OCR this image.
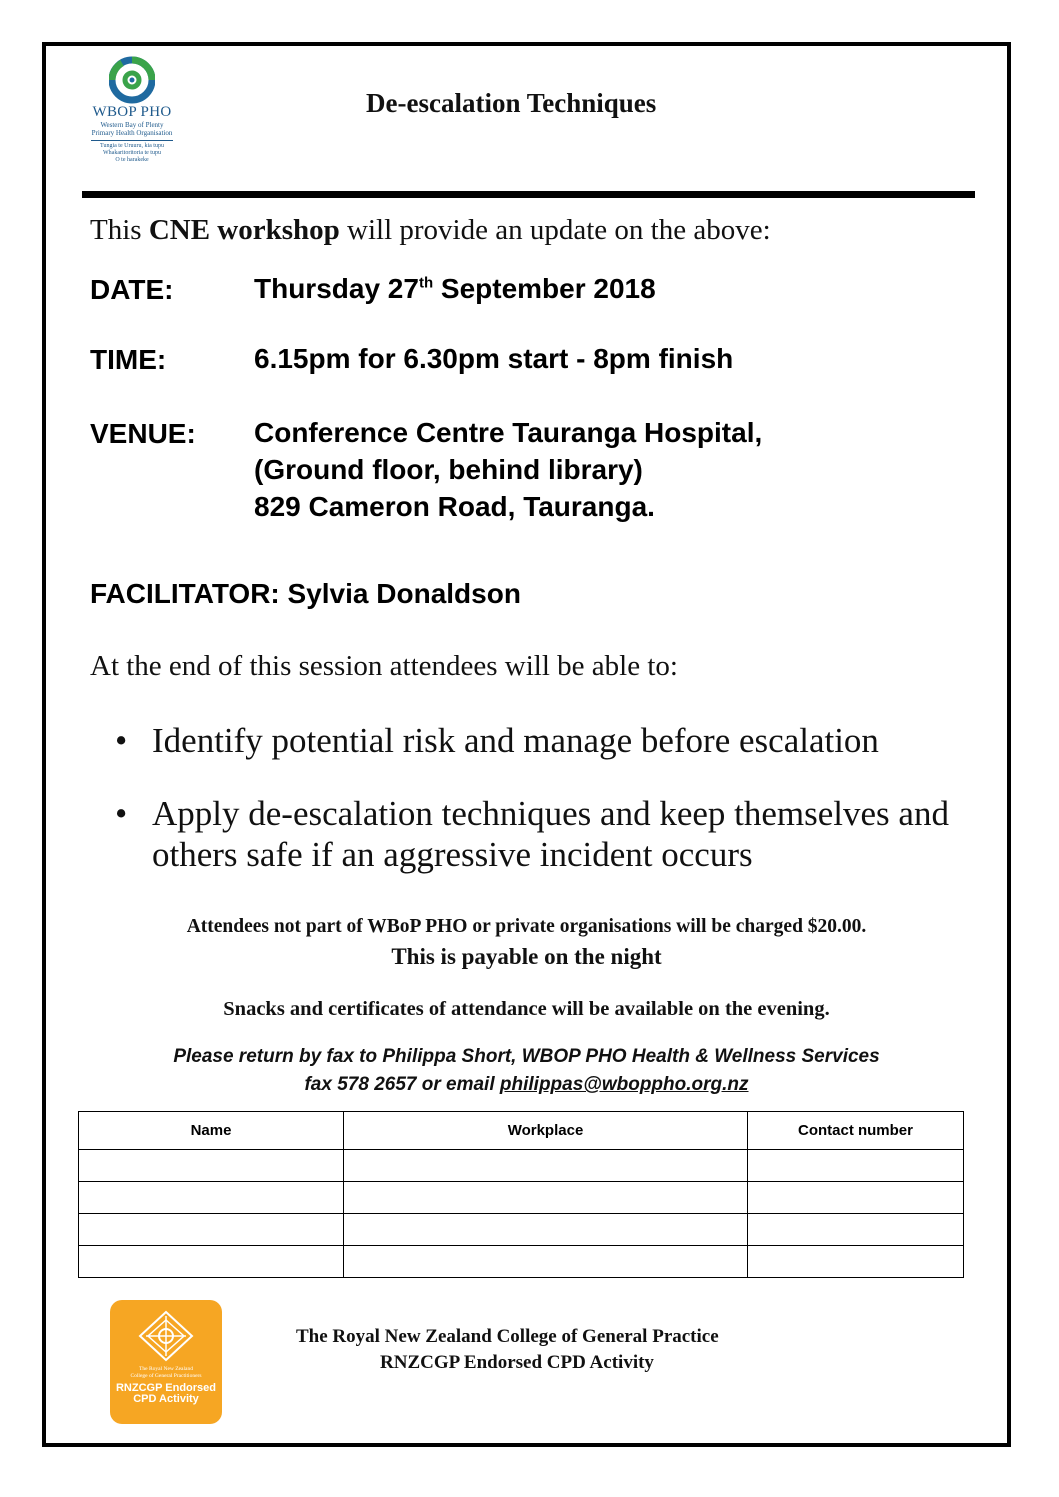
WBOP PHO
Western Bay of Plenty
Primary Health Organisation
Tungia te Uruuru, kia tupu
Whakaritoritoria te tupu
O te harakeke
De-escalation Techniques
This CNE workshop will provide an update on the above:
DATE:	Thursday 27th September 2018
TIME:	6.15pm for 6.30pm start - 8pm finish
VENUE: Conference Centre Tauranga Hospital,
(Ground floor, behind library)
829 Cameron Road, Tauranga.
FACILITATOR: Sylvia Donaldson
At the end of this session attendees will be able to:
• Identify potential risk and manage before escalation
• Apply de-escalation techniques and keep themselves and others safe if an aggressive incident occurs
Attendees not part of WBoP PHO or private organisations will be charged $20.00.
This is payable on the night
Snacks and certificates of attendance will be available on the evening.
Please return by fax to Philippa Short, WBOP PHO Health & Wellness Services
fax 578 2657 or email philippas@wboppho.org.nz
Name	Workplace	Contact number

The Royal New Zealand
College of General Practitioners
RNZCGP Endorsed
CPD Activity
The Royal New Zealand College of General Practice
RNZCGP Endorsed CPD Activity
